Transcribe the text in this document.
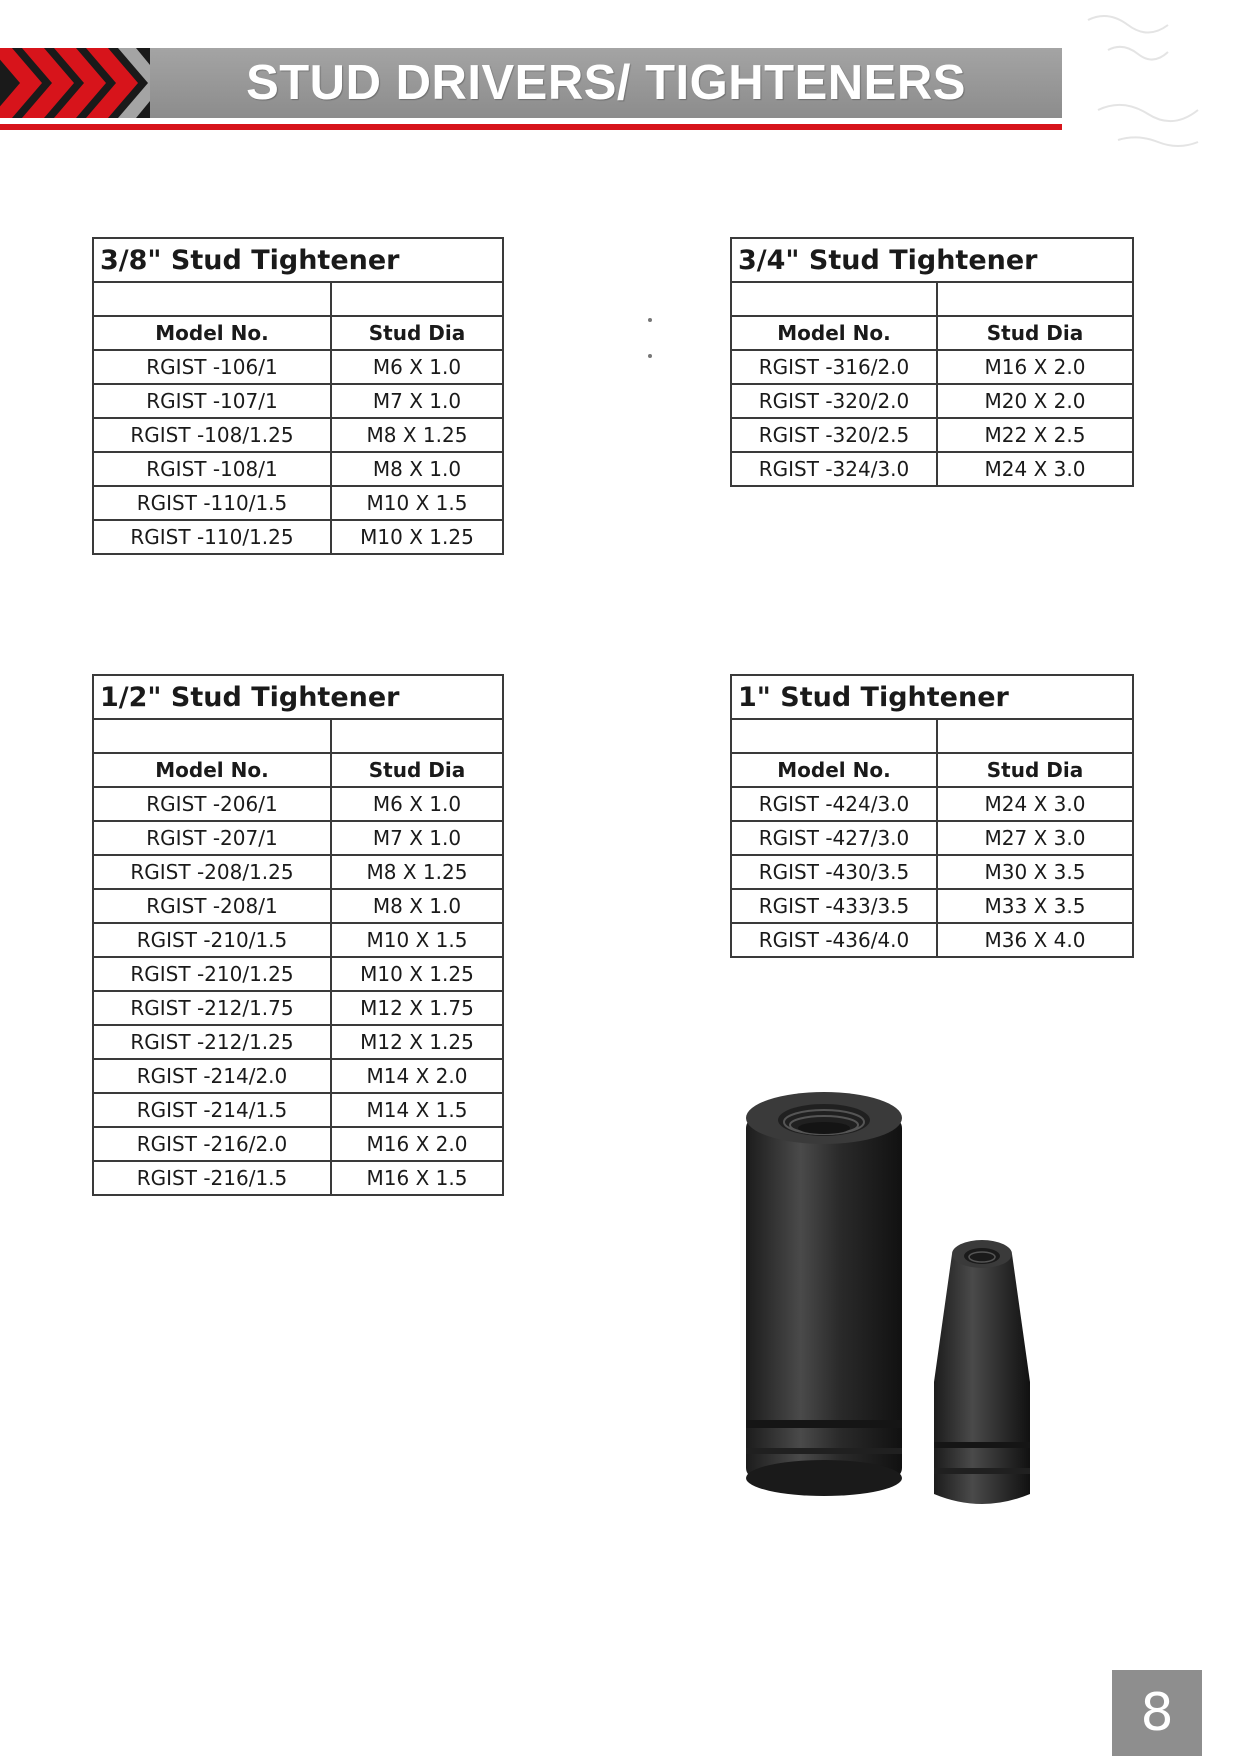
STUD DRIVERS/ TIGHTENERS
3/8" Stud Tightener	

Model No.	Stud Dia
RGIST -106/1	M6 X 1.0
RGIST -107/1	M7 X 1.0
RGIST -108/1.25	M8 X 1.25
RGIST -108/1	M8 X 1.0
RGIST -110/1.5	M10 X 1.5
RGIST -110/1.25	M10 X 1.25
3/4" Stud Tightener	

Model No.	Stud Dia
RGIST -316/2.0	M16 X 2.0
RGIST -320/2.0	M20 X 2.0
RGIST -320/2.5	M22 X 2.5
RGIST -324/3.0	M24 X 3.0
1/2" Stud Tightener	

Model No.	Stud Dia
RGIST -206/1	M6 X 1.0
RGIST -207/1	M7 X 1.0
RGIST -208/1.25	M8 X 1.25
RGIST -208/1	M8 X 1.0
RGIST -210/1.5	M10 X 1.5
RGIST -210/1.25	M10 X 1.25
RGIST -212/1.75	M12 X 1.75
RGIST -212/1.25	M12 X 1.25
RGIST -214/2.0	M14 X 2.0
RGIST -214/1.5	M14 X 1.5
RGIST -216/2.0	M16 X 2.0
RGIST -216/1.5	M16 X 1.5
1" Stud Tightener	

Model No.	Stud Dia
RGIST -424/3.0	M24 X 3.0
RGIST -427/3.0	M27 X 3.0
RGIST -430/3.5	M30 X 3.5
RGIST -433/3.5	M33 X 3.5
RGIST -436/4.0	M36 X 4.0
8
